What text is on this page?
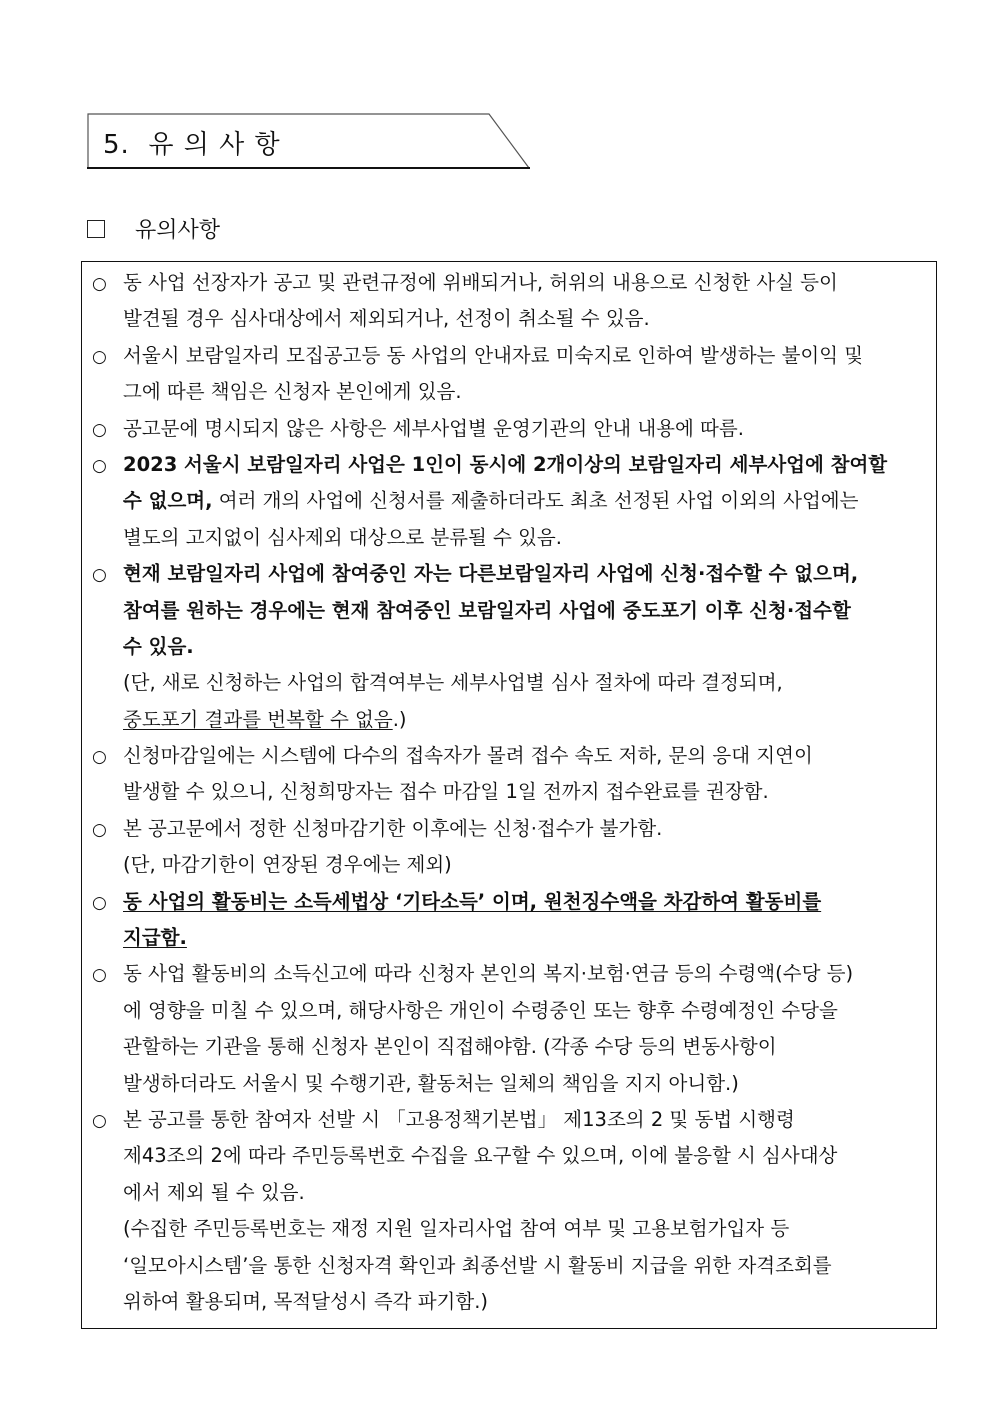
5. 유 의 사 항
유의사항
○ 동 사업 선장자가 공고 및 관련규정에 위배되거나, 허위의 내용으로 신청한 사실 등이
발견될 경우 심사대상에서 제외되거나, 선정이 취소될 수 있음.
○ 서울시 보람일자리 모집공고등 동 사업의 안내자료 미숙지로 인하여 발생하는 불이익 및
그에 따른 책임은 신청자 본인에게 있음.
○ 공고문에 명시되지 않은 사항은 세부사업별 운영기관의 안내 내용에 따름.
○ 2023 서울시 보람일자리 사업은 1인이 동시에 2개이상의 보람일자리 세부사업에 참여할
수 없으며, 여러 개의 사업에 신청서를 제출하더라도 최초 선정된 사업 이외의 사업에는
별도의 고지없이 심사제외 대상으로 분류될 수 있음.
○ 현재 보람일자리 사업에 참여중인 자는 다른보람일자리 사업에 신청·접수할 수 없으며,
참여를 원하는 경우에는 현재 참여중인 보람일자리 사업에 중도포기 이후 신청·접수할
수 있음.
(단, 새로 신청하는 사업의 합격여부는 세부사업별 심사 절차에 따라 결정되며,
중도포기 결과를 번복할 수 없음.)
○ 신청마감일에는 시스템에 다수의 접속자가 몰려 접수 속도 저하, 문의 응대 지연이
발생할 수 있으니, 신청희망자는 접수 마감일 1일 전까지 접수완료를 권장함.
○ 본 공고문에서 정한 신청마감기한 이후에는 신청·접수가 불가함.
(단, 마감기한이 연장된 경우에는 제외)
○ 동 사업의 활동비는 소득세법상 ‘기타소득’ 이며, 원천징수액을 차감하여 활동비를
지급함.
○ 동 사업 활동비의 소득신고에 따라 신청자 본인의 복지·보험·연금 등의 수령액(수당 등)
에 영향을 미칠 수 있으며, 해당사항은 개인이 수령중인 또는 향후 수령예정인 수당을
관할하는 기관을 통해 신청자 본인이 직접해야함. (각종 수당 등의 변동사항이
발생하더라도 서울시 및 수행기관, 활동처는 일체의 책임을 지지 아니함.)
○ 본 공고를 통한 참여자 선발 시 「고용정책기본법」 제13조의 2 및 동법 시행령
제43조의 2에 따라 주민등록번호 수집을 요구할 수 있으며, 이에 불응할 시 심사대상
에서 제외 될 수 있음.
(수집한 주민등록번호는 재정 지원 일자리사업 참여 여부 및 고용보험가입자 등
‘일모아시스템’을 통한 신청자격 확인과 최종선발 시 활동비 지급을 위한 자격조회를
위하여 활용되며, 목적달성시 즉각 파기함.)
